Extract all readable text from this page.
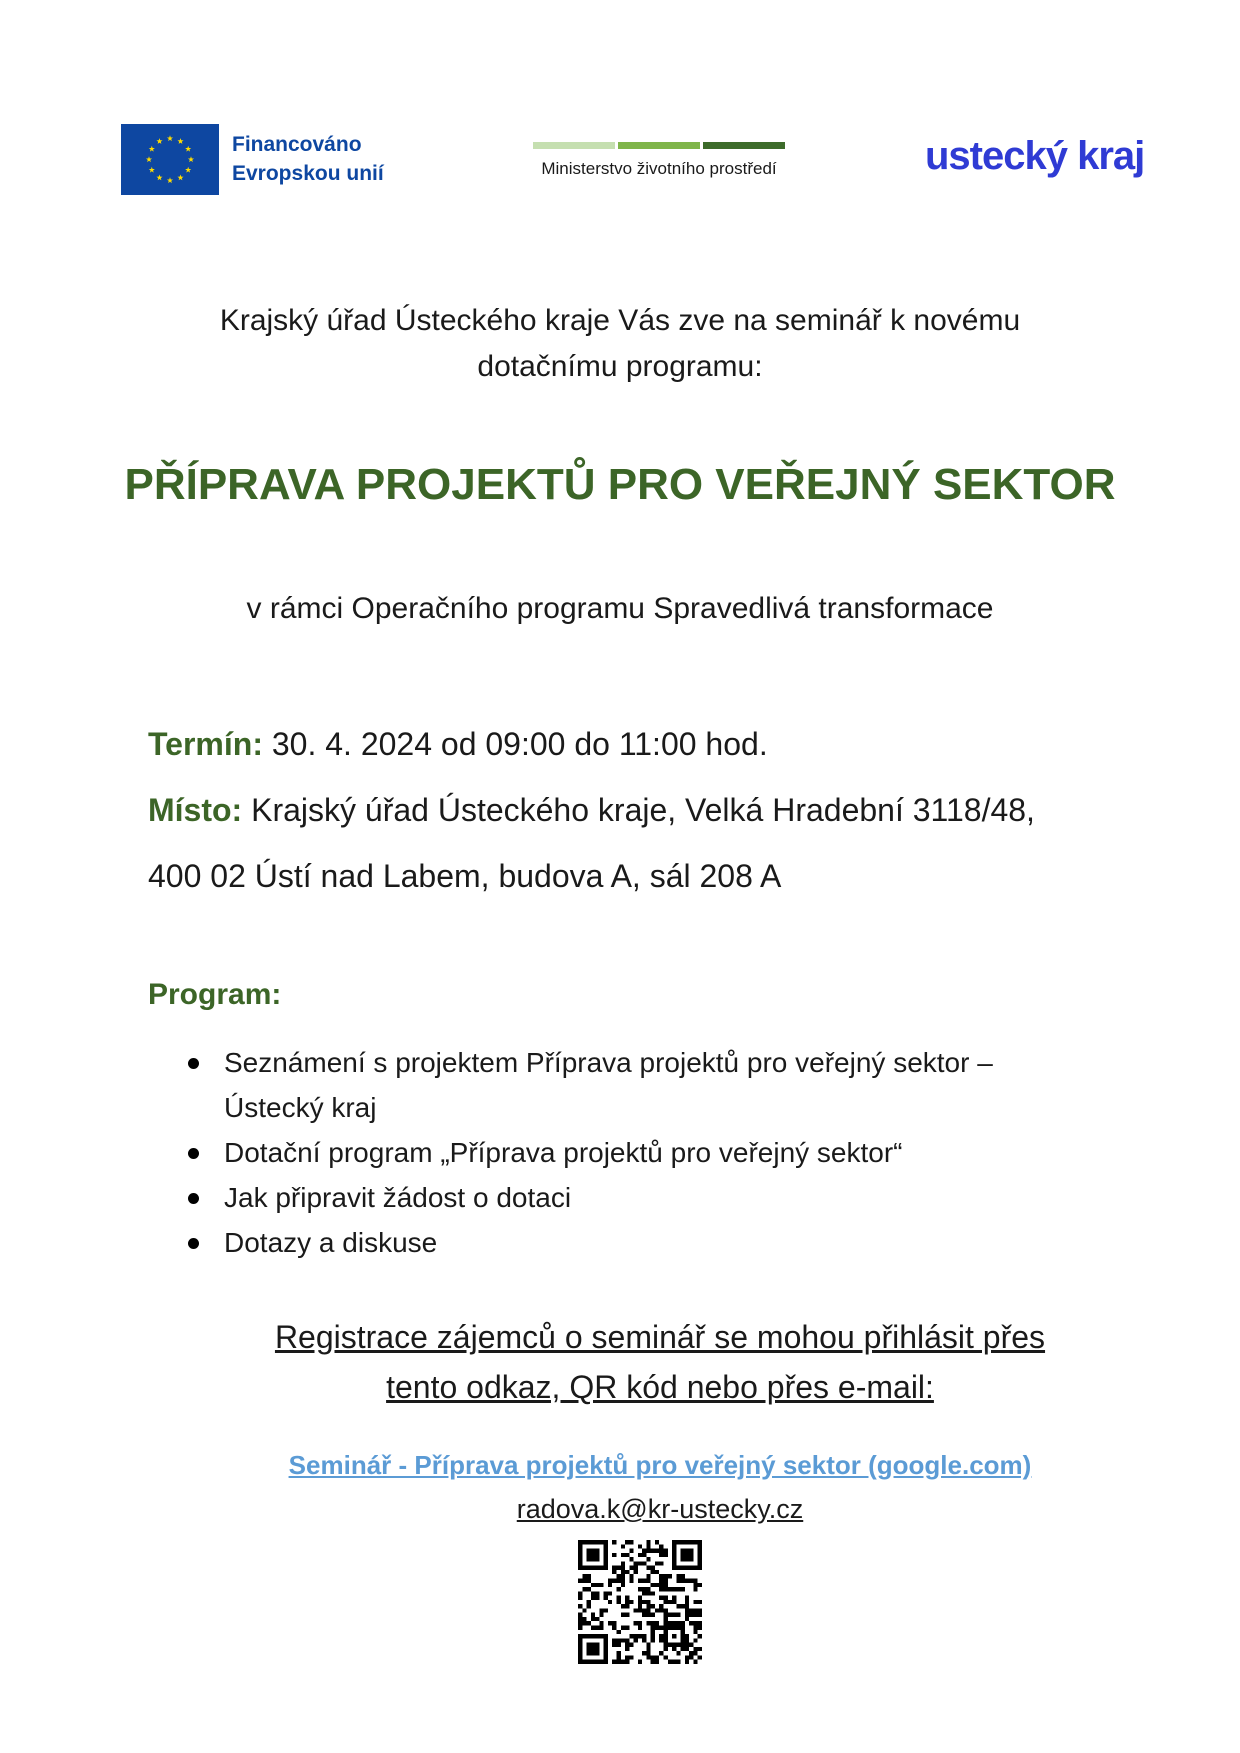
Financováno
Evropskou unií	Ministerstvo životního prostředí	ustecký kraj
Krajský úřad Ústeckého kraje Vás zve na seminář k novému
dotačnímu programu:
PŘÍPRAVA PROJEKTŮ PRO VEŘEJNÝ SEKTOR
v rámci Operačního programu Spravedlivá transformace
Termín: 30. 4. 2024 od 09:00 do 11:00 hod.
Místo: Krajský úřad Ústeckého kraje, Velká Hradební 3118/48,
400 02 Ústí nad Labem, budova A, sál 208 A
Program:
Seznámení s projektem Příprava projektů pro veřejný sektor – Ústecký kraj
Dotační program „Příprava projektů pro veřejný sektor“
Jak připravit žádost o dotaci
Dotazy a diskuse
Registrace zájemců o seminář se mohou přihlásit přes
tento odkaz, QR kód nebo přes e-mail:
Seminář - Příprava projektů pro veřejný sektor (google.com)
radova.k@kr-ustecky.cz
